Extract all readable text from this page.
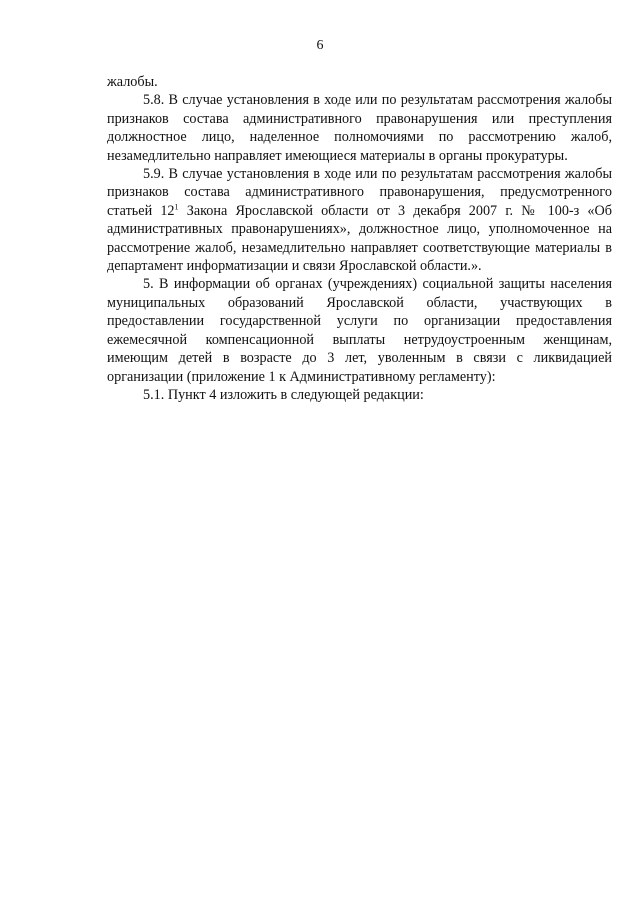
6

жалобы.

5.8. В случае установления в ходе или по результатам рассмотрения жалобы признаков состава административного правонарушения или преступления должностное лицо, наделенное полномочиями по рассмотрению жалоб, незамедлительно направляет имеющиеся материалы в органы прокуратуры.

5.9. В случае установления в ходе или по результатам рассмотрения жалобы признаков состава административного правонарушения, предусмотренного статьей $12^1$ Закона Ярославской области от 3 декабря 2007 г. № 100-з «Об административных правонарушениях», должностное лицо, уполномоченное на рассмотрение жалоб, незамедлительно направляет соответствующие материалы в департамент информатизации и связи Ярославской области.».

5. В информации об органах (учреждениях) социальной защиты населения муниципальных образований Ярославской области, участвующих в предоставлении государственной услуги по организации предоставления ежемесячной компенсационной выплаты нетрудоустроенным женщинам, имеющим детей в возрасте до 3 лет, уволенным в связи с ликвидацией организации (приложение 1 к Административному регламенту):

5.1. Пункт 4 изложить в следующей редакции:
